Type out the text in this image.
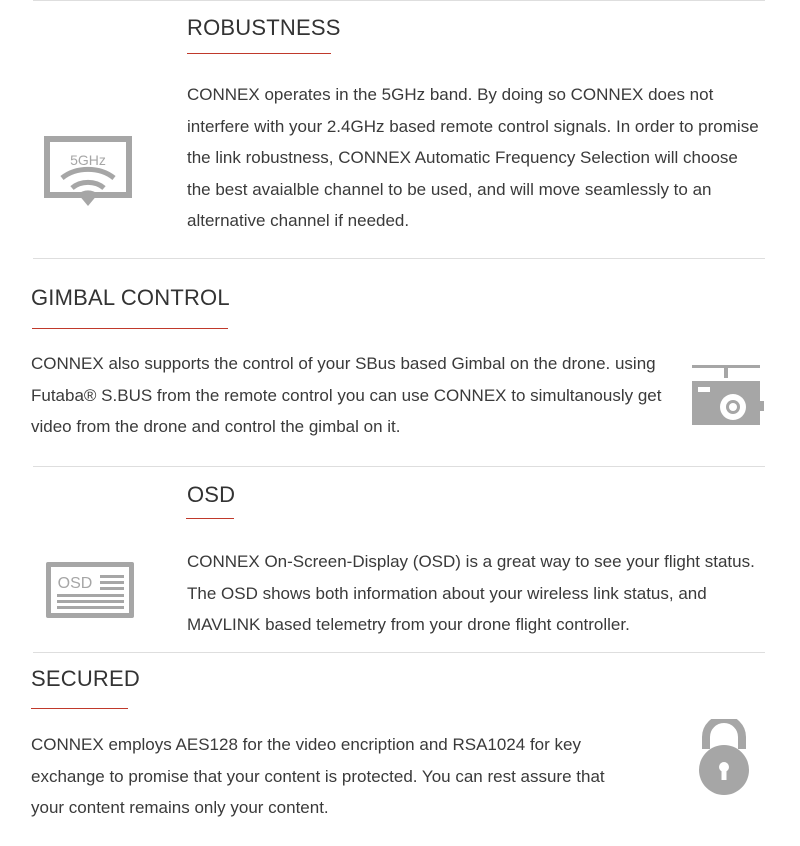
ROBUSTNESS
CONNEX operates in the 5GHz band. By doing so CONNEX does not interfere with your 2.4GHz based remote control signals. In order to promise the link robustness, CONNEX Automatic Frequency Selection will choose the best avaialble channel to be used, and will move seamlessly to an alternative channel if needed.
5GHz
GIMBAL CONTROL
CONNEX also supports the control of your SBus based Gimbal on the drone. using Futaba® S.BUS from the remote control you can use CONNEX to simultanously get video from the drone and control the gimbal on it.
OSD
CONNEX On-Screen-Display (OSD) is a great way to see your flight status. The OSD shows both information about your wireless link status, and MAVLINK based telemetry from your drone flight controller.
OSD
SECURED
CONNEX employs AES128 for the video encription and RSA1024 for key exchange to promise that your content is protected. You can rest assure that your content remains only your content.
